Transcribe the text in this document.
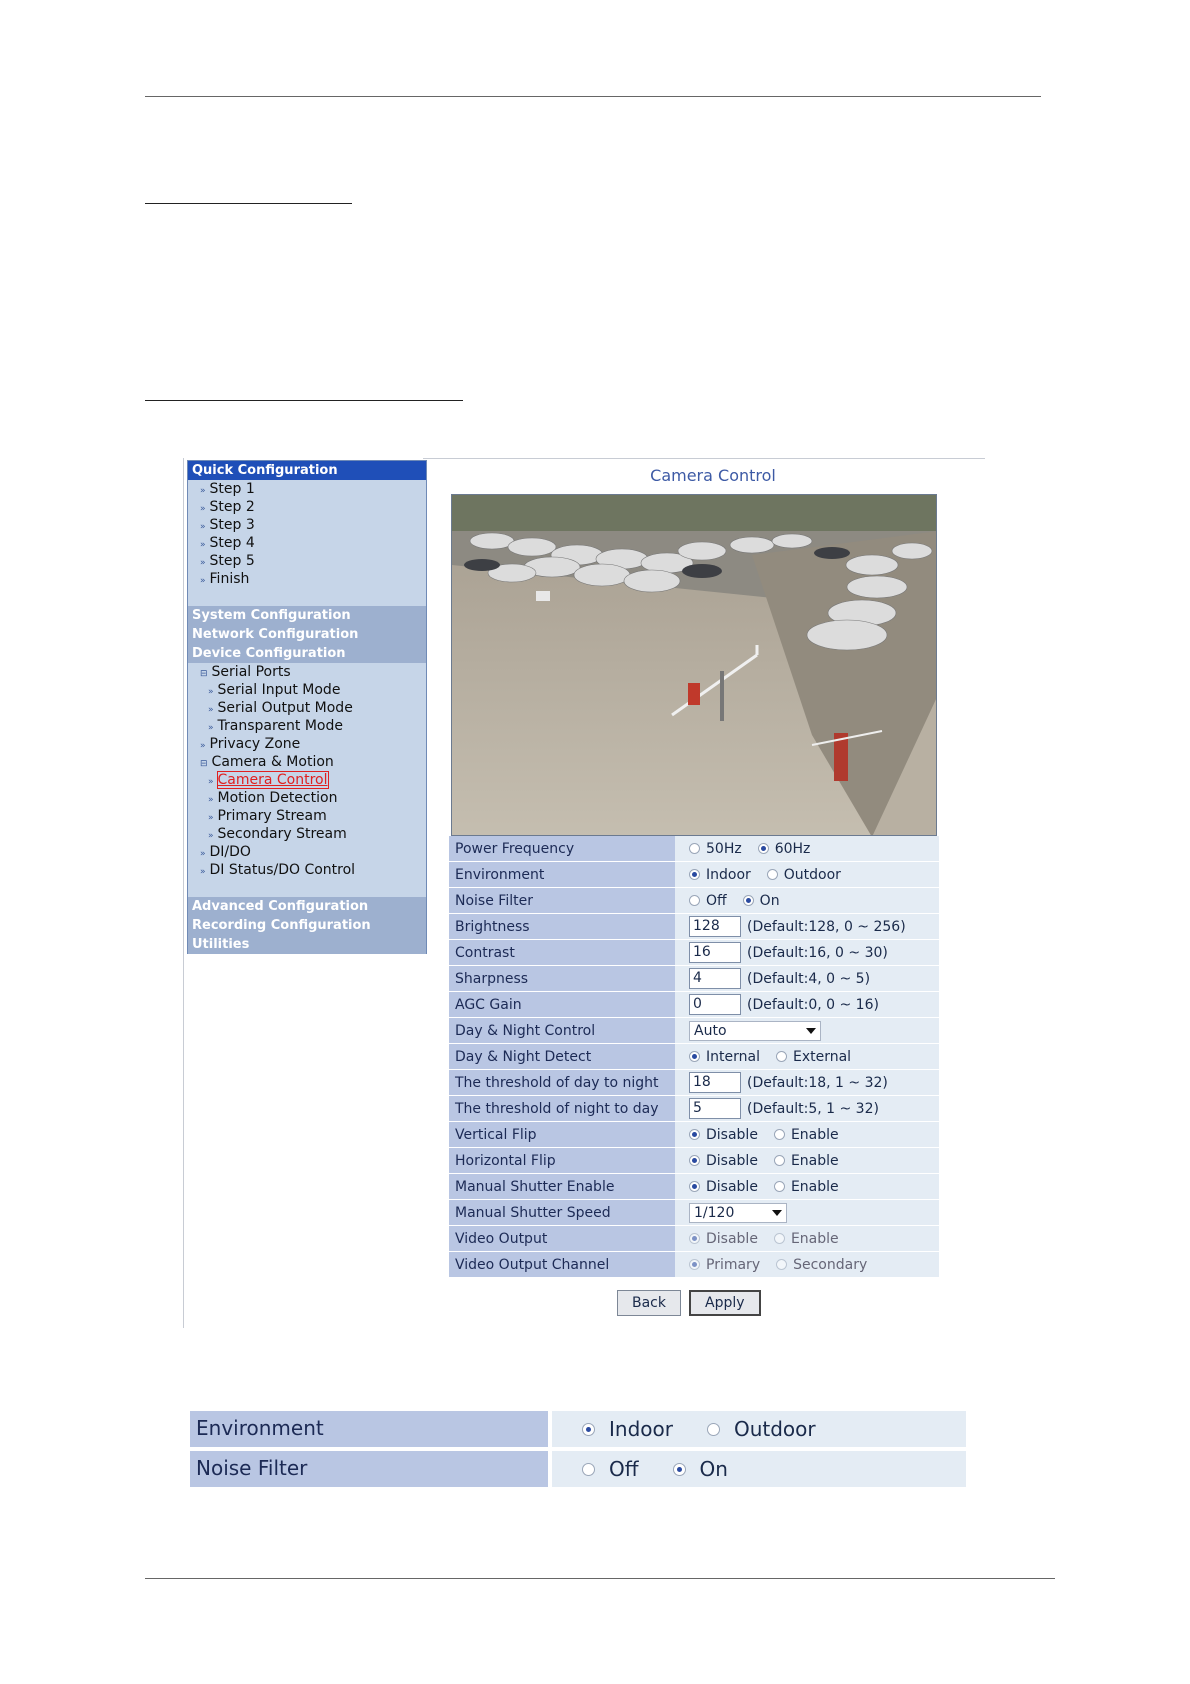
Quick Configuration
» Step 1
» Step 2
» Step 3
» Step 4
» Step 5
» Finish
System Configuration
Network Configuration
Device Configuration
⊟ Serial Ports
» Serial Input Mode
» Serial Output Mode
» Transparent Mode
» Privacy Zone
⊟ Camera & Motion
» Camera Control
» Motion Detection
» Primary Stream
» Secondary Stream
» DI/DO
» DI Status/DO Control
Advanced Configuration
Recording Configuration
Utilities
Camera Control
Power Frequency	50Hz 60Hz
Environment	Indoor Outdoor
Noise Filter	Off On
Brightness	128	(Default:128, 0 ~ 256)
Contrast	16	(Default:16, 0 ~ 30)
Sharpness	4	(Default:4, 0 ~ 5)
AGC Gain	0	(Default:0, 0 ~ 16)
Day & Night Control	Auto
Day & Night Detect	Internal External
The threshold of day to night	18	(Default:18, 1 ~ 32)
The threshold of night to day	5	(Default:5, 1 ~ 32)
Vertical Flip	Disable Enable
Horizontal Flip	Disable Enable
Manual Shutter Enable	Disable Enable
Manual Shutter Speed	1/120
Video Output	Disable Enable
Video Output Channel	Primary Secondary
Back	Apply
Environment	Indoor	Outdoor
Noise Filter	Off	On
